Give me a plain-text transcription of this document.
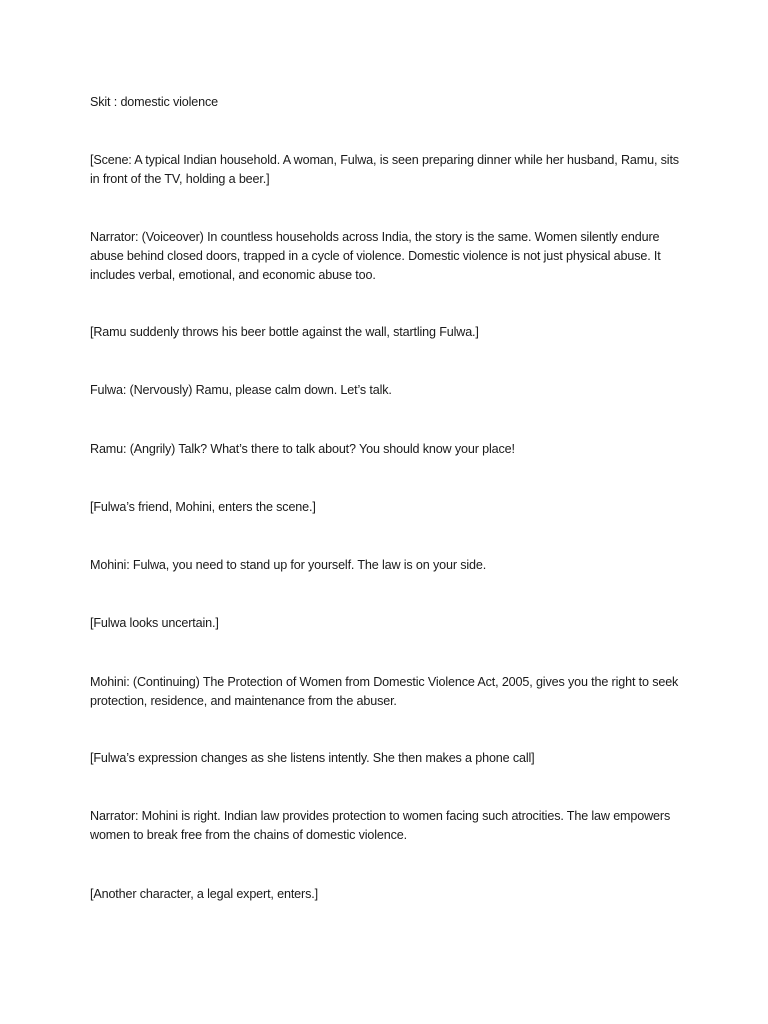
Skit : domestic violence

[Scene: A typical Indian household. A woman, Fulwa, is seen preparing dinner while her husband, Ramu, sits in front of the TV, holding a beer.]

Narrator: (Voiceover) In countless households across India, the story is the same. Women silently endure abuse behind closed doors, trapped in a cycle of violence. Domestic violence is not just physical abuse. It includes verbal, emotional, and economic abuse too.

[Ramu suddenly throws his beer bottle against the wall, startling Fulwa.]

Fulwa: (Nervously) Ramu, please calm down. Let’s talk.

Ramu: (Angrily) Talk? What’s there to talk about? You should know your place!

[Fulwa’s friend, Mohini, enters the scene.]

Mohini: Fulwa, you need to stand up for yourself. The law is on your side.

[Fulwa looks uncertain.]

Mohini: (Continuing) The Protection of Women from Domestic Violence Act, 2005, gives you the right to seek protection, residence, and maintenance from the abuser.

[Fulwa’s expression changes as she listens intently. She then makes a phone call]

Narrator: Mohini is right. Indian law provides protection to women facing such atrocities. The law empowers women to break free from the chains of domestic violence.

[Another character, a legal expert, enters.]
